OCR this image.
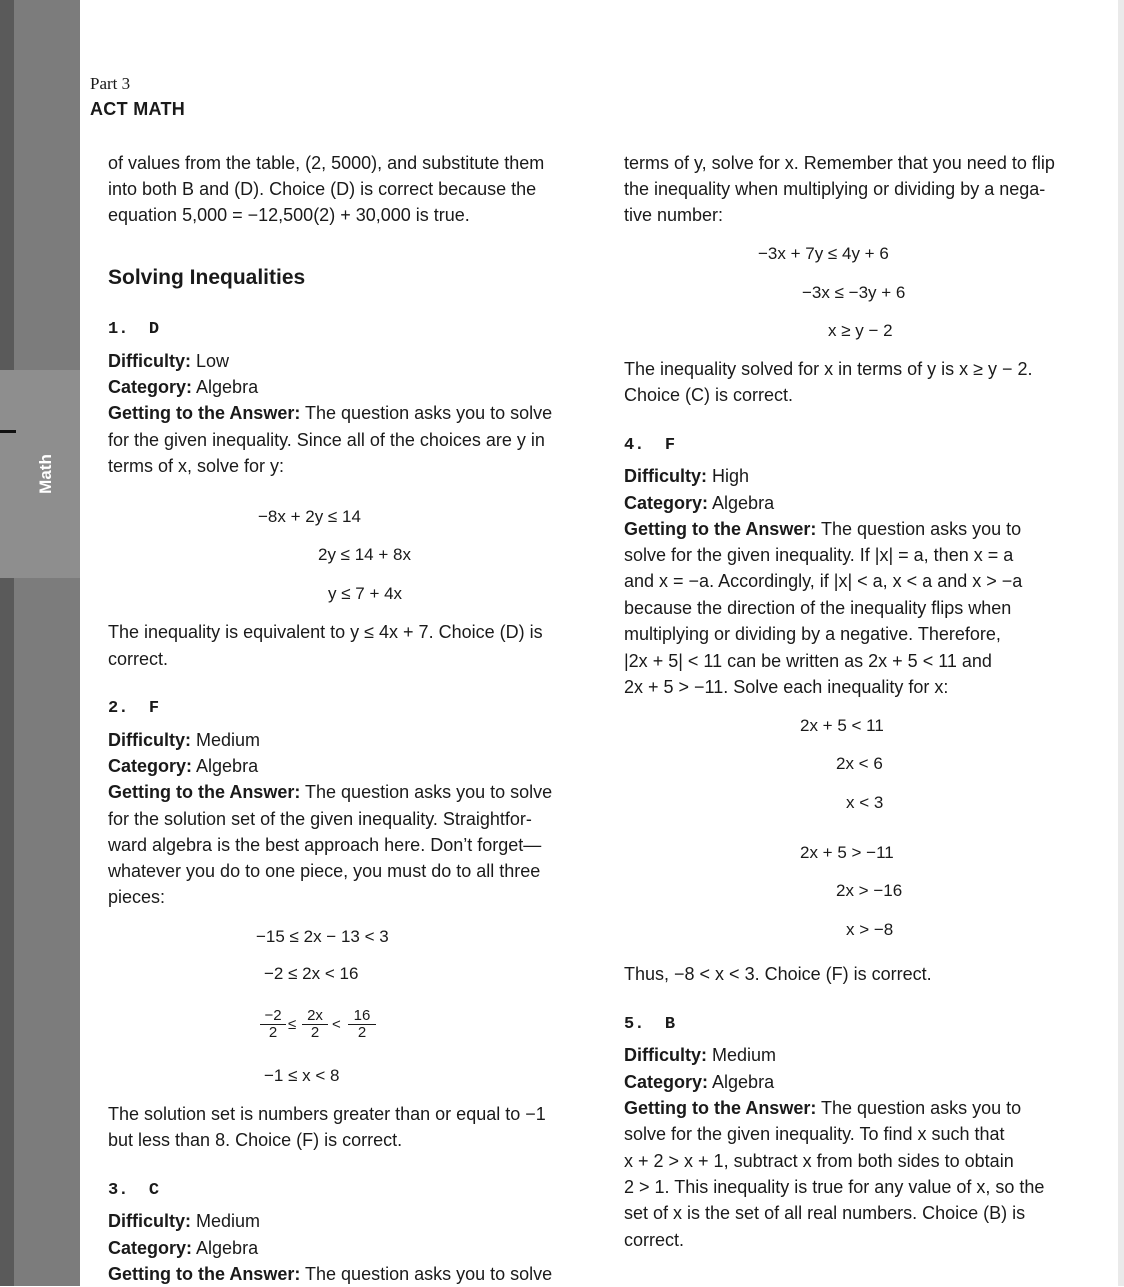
Math
Part 3
ACT MATH
of values from the table, (2, 5000), and substitute them
into both B and (D). Choice (D) is correct because the
equation 5,000 = −12,500(2) + 30,000 is true.
Solving Inequalities
1. D
Difficulty: Low
Category: Algebra
Getting to the Answer: The question asks you to solve
for the given inequality. Since all of the choices are y in
terms of x, solve for y:
−8x + 2y ≤ 14
2y ≤ 14 + 8x
y ≤ 7 + 4x
The inequality is equivalent to y ≤ 4x + 7. Choice (D) is
correct.
2. F
Difficulty: Medium
Category: Algebra
Getting to the Answer: The question asks you to solve
for the solution set of the given inequality. Straightfor-
ward algebra is the best approach here. Don’t forget—
whatever you do to one piece, you must do to all three
pieces:
−15 ≤ 2x − 13 < 3
−2 ≤ 2x < 16
−2
2 ≤
2x
2 <
16
2
−1 ≤ x < 8
The solution set is numbers greater than or equal to −1
but less than 8. Choice (F) is correct.
3. C
Difficulty: Medium
Category: Algebra
Getting to the Answer: The question asks you to solve
terms of y, solve for x. Remember that you need to flip
the inequality when multiplying or dividing by a nega-
tive number:
−3x + 7y ≤ 4y + 6
−3x ≤ −3y + 6
x ≥ y − 2
The inequality solved for x in terms of y is x ≥ y − 2.
Choice (C) is correct.
4. F
Difficulty: High
Category: Algebra
Getting to the Answer: The question asks you to
solve for the given inequality. If |x| = a, then x = a
and x = −a. Accordingly, if |x| < a, x < a and x > −a
because the direction of the inequality flips when
multiplying or dividing by a negative. Therefore,
|2x + 5| < 11 can be written as 2x + 5 < 11 and
2x + 5 > −11. Solve each inequality for x:
2x + 5 < 11
2x < 6
x < 3
2x + 5 > −11
2x > −16
x > −8
Thus, −8 < x < 3. Choice (F) is correct.
5. B
Difficulty: Medium
Category: Algebra
Getting to the Answer: The question asks you to
solve for the given inequality. To find x such that
x + 2 > x + 1, subtract x from both sides to obtain
2 > 1. This inequality is true for any value of x, so the
set of x is the set of all real numbers. Choice (B) is
correct.
